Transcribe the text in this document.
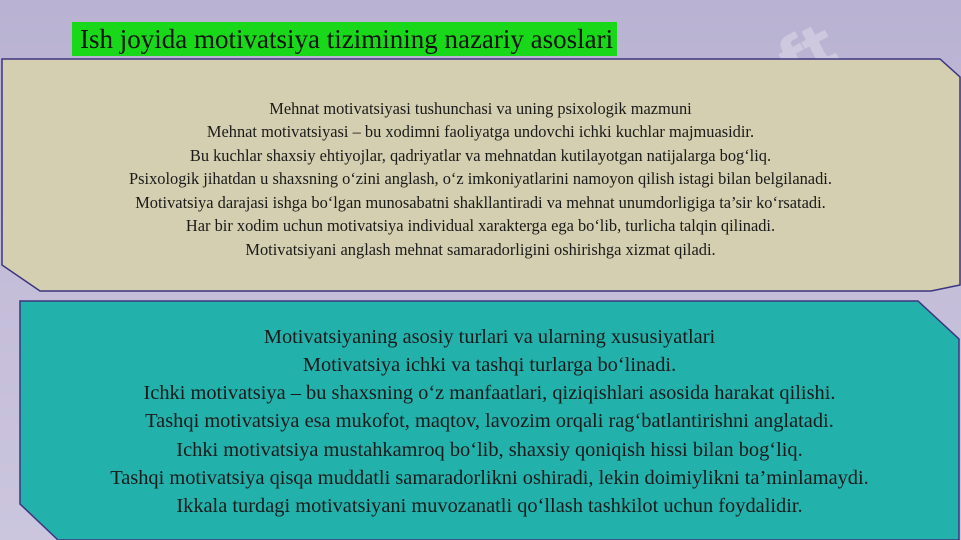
Ish joyida motivatsiya tizimining nazariy asoslari
Mehnat motivatsiyasi tushunchasi va uning psixologik mazmuni
Mehnat motivatsiyasi – bu xodimni faoliyatga undovchi ichki kuchlar majmuasidir.
Bu kuchlar shaxsiy ehtiyojlar, qadriyatlar va mehnatdan kutilayotgan natijalarga bog‘liq.
Psixologik jihatdan u shaxsning o‘zini anglash, o‘z imkoniyatlarini namoyon qilish istagi bilan belgilanadi.
Motivatsiya darajasi ishga bo‘lgan munosabatni shakllantiradi va mehnat unumdorligiga ta’sir ko‘rsatadi.
Har bir xodim uchun motivatsiya individual xarakterga ega bo‘lib, turlicha talqin qilinadi.
Motivatsiyani anglash mehnat samaradorligini oshirishga xizmat qiladi.
Motivatsiyaning asosiy turlari va ularning xususiyatlari
Motivatsiya ichki va tashqi turlarga bo‘linadi.
Ichki motivatsiya – bu shaxsning o‘z manfaatlari, qiziqishlari asosida harakat qilishi.
Tashqi motivatsiya esa mukofot, maqtov, lavozim orqali rag‘batlantirishni anglatadi.
Ichki motivatsiya mustahkamroq bo‘lib, shaxsiy qoniqish hissi bilan bog‘liq.
Tashqi motivatsiya qisqa muddatli samaradorlikni oshiradi, lekin doimiylikni ta’minlamaydi.
Ikkala turdagi motivatsiyani muvozanatli qo‘llash tashkilot uchun foydalidir.
